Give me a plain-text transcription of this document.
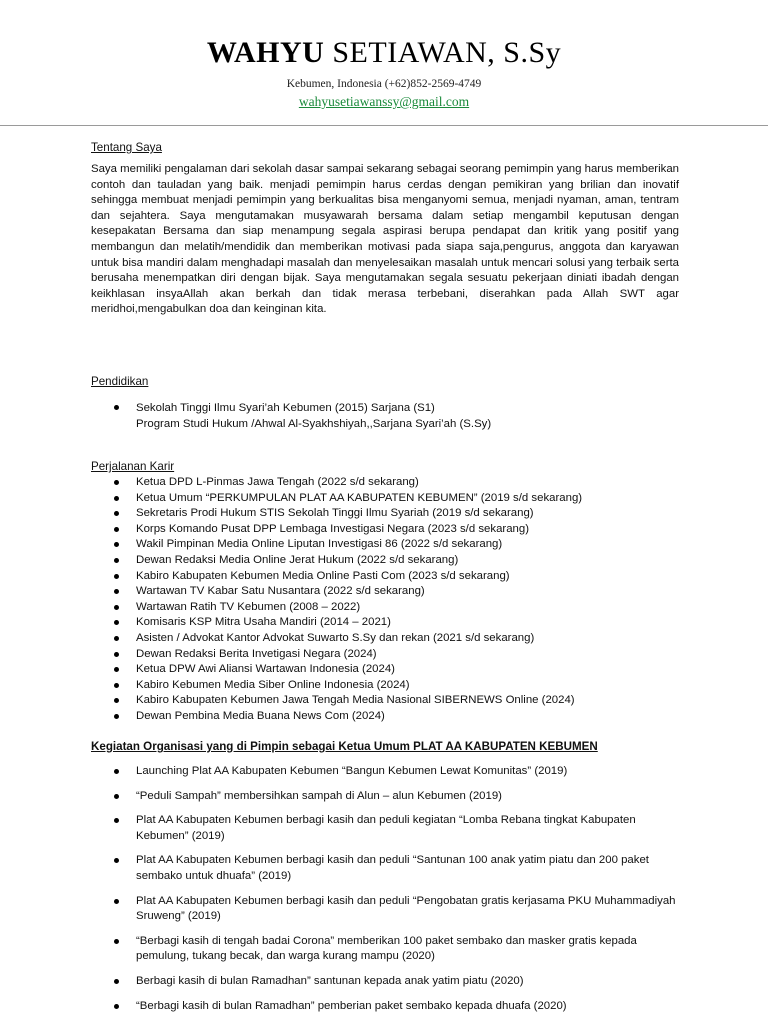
WAHYU SETIAWAN, S.Sy
Kebumen, Indonesia (+62)852-2569-4749
wahyusetiawanssy@gmail.com
Tentang Saya

Saya memiliki pengalaman dari sekolah dasar sampai sekarang sebagai seorang pemimpin yang harus memberikan contoh dan tauladan yang baik. menjadi pemimpin harus cerdas dengan pemikiran yang brilian dan inovatif sehingga membuat menjadi pemimpin yang berkualitas bisa menganyomi semua, menjadi nyaman, aman, tentram dan sejahtera. Saya mengutamakan musyawarah bersama dalam setiap mengambil keputusan dengan kesepakatan Bersama dan siap menampung segala aspirasi berupa pendapat dan kritik yang positif yang membangun dan melatih/mendidik dan memberikan motivasi pada siapa saja,pengurus, anggota dan karyawan untuk bisa mandiri dalam menghadapi masalah dan menyelesaikan masalah untuk mencari solusi yang terbaik serta berusaha menempatkan diri dengan bijak. Saya mengutamakan segala sesuatu pekerjaan diniati ibadah dengan keikhlasan insyaAllah akan berkah dan tidak merasa terbebani, diserahkan pada Allah SWT agar meridhoi,mengabulkan doa dan keinginan kita.

Pendidikan
Sekolah Tinggi Ilmu Syari’ah Kebumen (2015) Sarjana (S1)
Program Studi Hukum /Ahwal Al-Syakhshiyah,,Sarjana Syari’ah (S.Sy)
Perjalanan Karir
Ketua DPD L-Pinmas Jawa Tengah (2022 s/d sekarang)
Ketua Umum “PERKUMPULAN PLAT AA KABUPATEN KEBUMEN” (2019 s/d sekarang)
Sekretaris Prodi Hukum STIS Sekolah Tinggi Ilmu Syariah (2019 s/d sekarang)
Korps Komando Pusat DPP Lembaga Investigasi Negara (2023 s/d sekarang)
Wakil Pimpinan Media Online Liputan Investigasi 86 (2022 s/d sekarang)
Dewan Redaksi Media Online Jerat Hukum (2022 s/d sekarang)
Kabiro Kabupaten Kebumen Media Online Pasti Com (2023 s/d sekarang)
Wartawan TV Kabar Satu Nusantara (2022 s/d sekarang)
Wartawan Ratih TV Kebumen (2008 – 2022)
Komisaris KSP Mitra Usaha Mandiri (2014 – 2021)
Asisten / Advokat Kantor Advokat Suwarto S.Sy dan rekan (2021 s/d sekarang)
Dewan Redaksi Berita Invetigasi Negara (2024)
Ketua DPW Awi Aliansi Wartawan Indonesia (2024)
Kabiro Kebumen Media Siber Online Indonesia (2024)
Kabiro Kabupaten Kebumen Jawa Tengah Media Nasional SIBERNEWS Online (2024)
Dewan Pembina Media Buana News Com (2024)
Kegiatan Organisasi yang di Pimpin sebagai Ketua Umum PLAT AA KABUPATEN KEBUMEN
Launching Plat AA Kabupaten Kebumen “Bangun Kebumen Lewat Komunitas” (2019)
“Peduli Sampah” membersihkan sampah di Alun – alun Kebumen (2019)
Plat AA Kabupaten Kebumen berbagi kasih dan peduli kegiatan “Lomba Rebana tingkat Kabupaten Kebumen” (2019)
Plat AA Kabupaten Kebumen berbagi kasih dan peduli “Santunan 100 anak yatim piatu dan 200 paket sembako untuk dhuafa” (2019)
Plat AA Kabupaten Kebumen berbagi kasih dan peduli “Pengobatan gratis kerjasama PKU Muhammadiyah Sruweng” (2019)
“Berbagi kasih di tengah badai Corona” memberikan 100 paket sembako dan masker gratis kepada pemulung, tukang becak, dan warga kurang mampu (2020)
Berbagi kasih di bulan Ramadhan” santunan kepada anak yatim piatu (2020)
“Berbagi kasih di bulan Ramadhan” pemberian paket sembako kepada dhuafa (2020)
